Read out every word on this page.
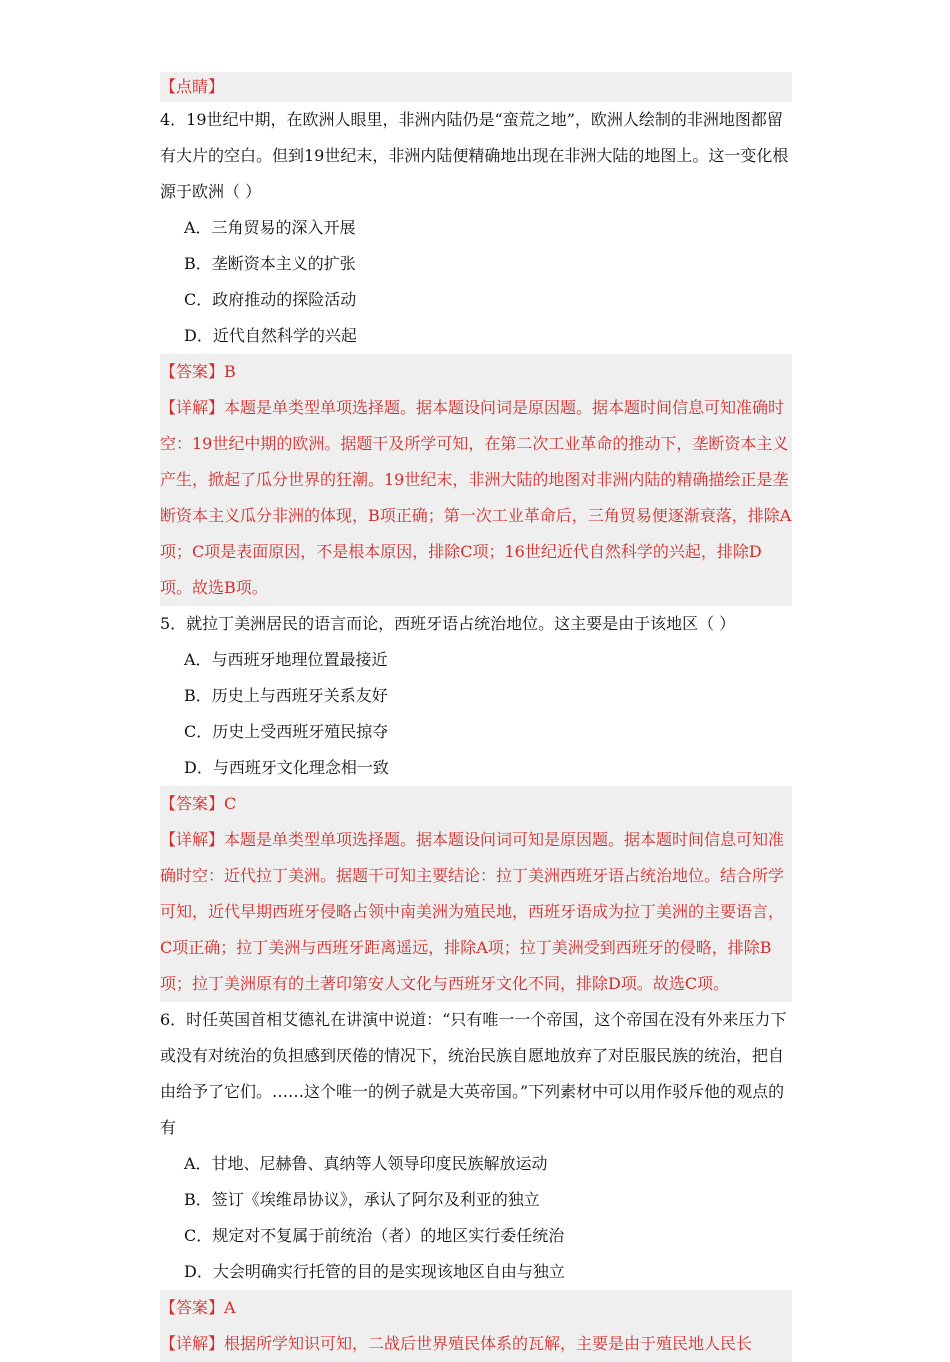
【点睛】

4．19世纪中期，在欧洲人眼里，非洲内陆仍是“蛮荒之地”，欧洲人绘制的非洲地图都留有大片的空白。但到19世纪末，非洲内陆便精确地出现在非洲大陆的地图上。这一变化根源于欧洲（ ）

A．三角贸易的深入开展
B．垄断资本主义的扩张
C．政府推动的探险活动
D．近代自然科学的兴起

【答案】B

【详解】本题是单类型单项选择题。据本题设问词是原因题。据本题时间信息可知准确时空：19世纪中期的欧洲。据题干及所学可知，在第二次工业革命的推动下，垄断资本主义产生，掀起了瓜分世界的狂潮。19世纪末，非洲大陆的地图对非洲内陆的精确描绘正是垄断资本主义瓜分非洲的体现，B项正确；第一次工业革命后，三角贸易便逐渐衰落，排除A项；C项是表面原因，不是根本原因，排除C项；16世纪近代自然科学的兴起，排除D项。故选B项。

5．就拉丁美洲居民的语言而论，西班牙语占统治地位。这主要是由于该地区（ ）

A．与西班牙地理位置最接近
B．历史上与西班牙关系友好
C．历史上受西班牙殖民掠夺
D．与西班牙文化理念相一致

【答案】C

【详解】本题是单类型单项选择题。据本题设问词可知是原因题。据本题时间信息可知准确时空：近代拉丁美洲。据题干可知主要结论：拉丁美洲西班牙语占统治地位。结合所学可知，近代早期西班牙侵略占领中南美洲为殖民地，西班牙语成为拉丁美洲的主要语言，C项正确；拉丁美洲与西班牙距离遥远，排除A项；拉丁美洲受到西班牙的侵略，排除B项；拉丁美洲原有的土著印第安人文化与西班牙文化不同，排除D项。故选C项。

6．时任英国首相艾德礼在讲演中说道：“只有唯一一个帝国，这个帝国在没有外来压力下或没有对统治的负担感到厌倦的情况下，统治民族自愿地放弃了对臣服民族的统治，把自由给予了它们。……这个唯一的例子就是大英帝国。”下列素材中可以用作驳斥他的观点的有

A．甘地、尼赫鲁、真纳等人领导印度民族解放运动
B．签订《埃维昂协议》，承认了阿尔及利亚的独立
C．规定对不复属于前统治（者）的地区实行委任统治
D．大会明确实行托管的目的是实现该地区自由与独立

【答案】A

【详解】根据所学知识可知，二战后世界殖民体系的瓦解，主要是由于殖民地人民长
